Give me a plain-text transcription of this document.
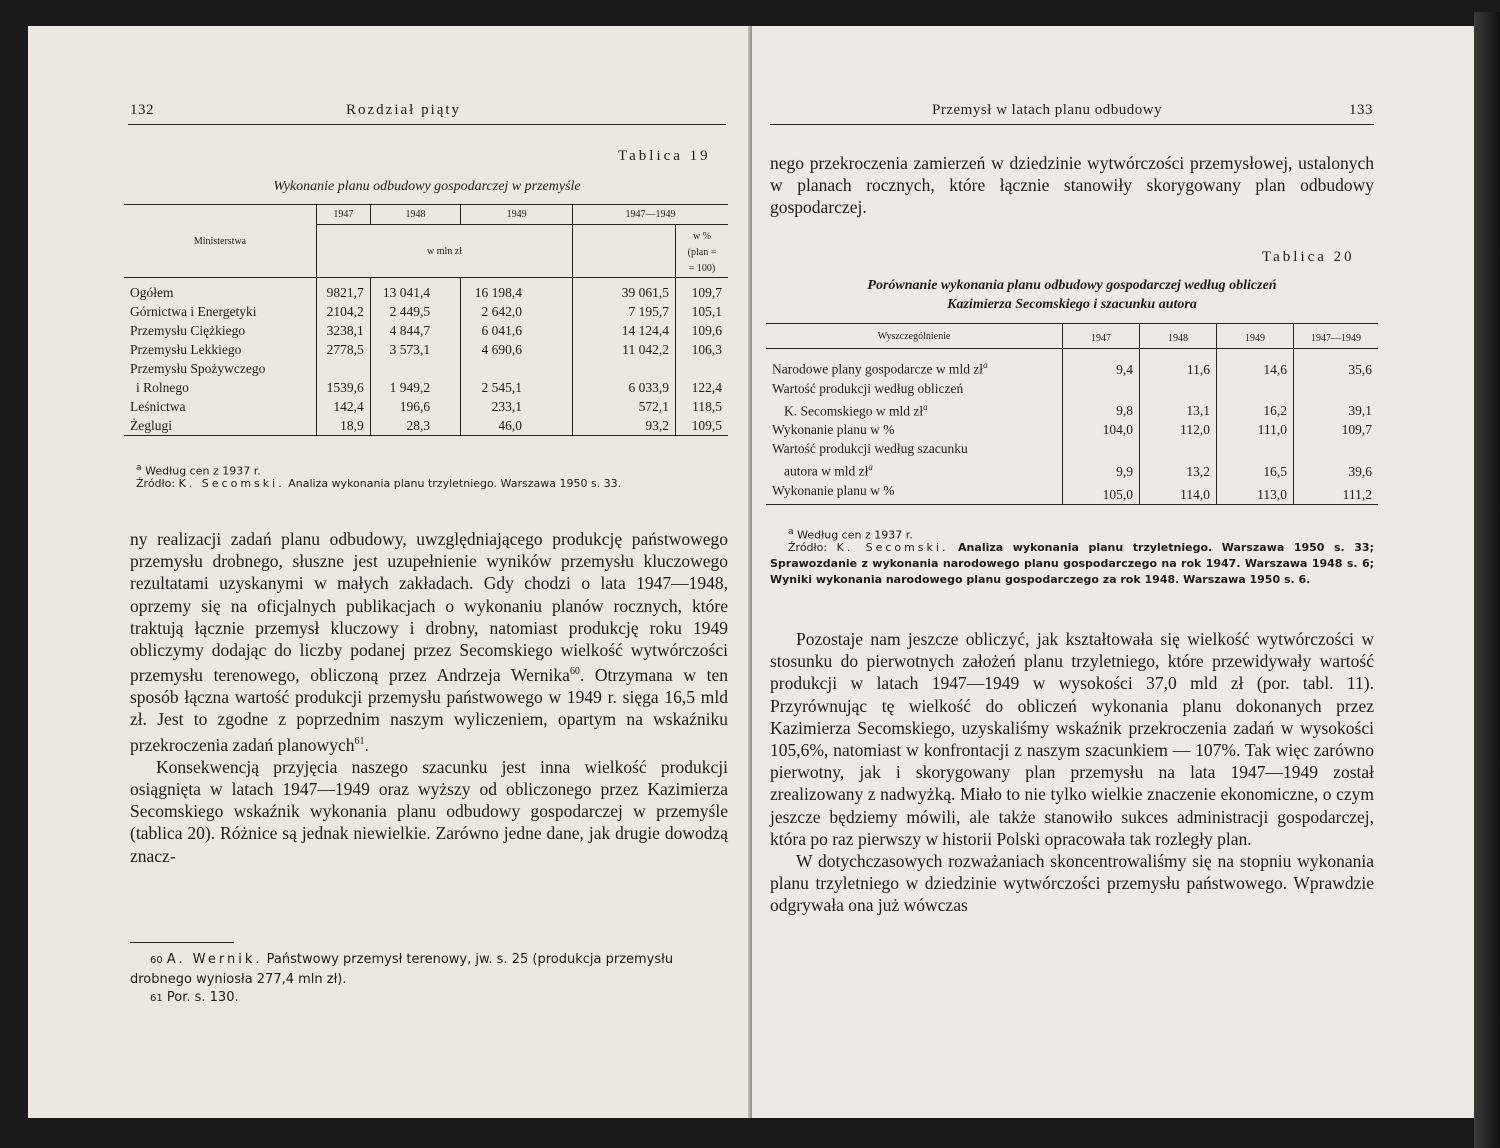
132	Rozdział piąty
Tablica 19
Wykonanie planu odbudowy gospodarczej w przemyśle
Ministerstwa	1947	1948	1949	1947—1949	
	w mln zł				w %
(plan =
= 100)
Ogółem	9821,7	13 041,4	16 198,4	39 061,5	109,7
Górnictwa i Energetyki	2104,2	2 449,5	2 642,0	7 195,7	105,1
Przemysłu Ciężkiego	3238,1	4 844,7	6 041,6	14 124,4	109,6
Przemysłu Lekkiego	2778,5	3 573,1	4 690,6	11 042,2	106,3
Przemysłu Spożywczego					
i Rolnego	1539,6	1 949,2	2 545,1	6 033,9	122,4
Leśnictwa	142,4	196,6	233,1	572,1	118,5
Żeglugi	18,9	28,3	46,0	93,2	109,5
$^a$ Według cen z 1937 r.
Źródło: K. Secomski. Analiza wykonania planu trzyletniego. Warszawa 1950 s. 33.

ny realizacji zadań planu odbudowy, uwzględniającego produkcję państwowego przemysłu drobnego, słuszne jest uzupełnienie wyników przemysłu kluczowego rezultatami uzyskanymi w małych zakładach. Gdy chodzi o lata 1947—1948, oprzemy się na oficjalnych publikacjach o wykonaniu planów rocznych, które traktują łącznie przemysł kluczowy i drobny, natomiast produkcję roku 1949 obliczymy dodając do liczby podanej przez Secomskiego wielkość wytwórczości przemysłu terenowego, obliczoną przez Andrzeja Wernika$^{60}$. Otrzymana w ten sposób łączna wartość produkcji przemysłu państwowego w 1949 r. sięga 16,5 mld zł. Jest to zgodne z poprzednim naszym wyliczeniem, opartym na wskaźniku przekroczenia zadań planowych$^{61}$.

Konsekwencją przyjęcia naszego szacunku jest inna wielkość produkcji osiągnięta w latach 1947—1949 oraz wyższy od obliczonego przez Kazimierza Secomskiego wskaźnik wykonania planu odbudowy gospodarczej w przemyśle (tablica 20). Różnice są jednak niewielkie. Zarówno jedne dane, jak drugie dowodzą znacz-

60 A. Wernik. Państwowy przemysł terenowy, jw. s. 25 (produkcja przemysłu drobnego wyniosła 277,4 mln zł).
61 Por. s. 130.
Przemysł w latach planu odbudowy	133

nego przekroczenia zamierzeń w dziedzinie wytwórczości przemysłowej, ustalonych w planach rocznych, które łącznie stanowiły skorygowany plan odbudowy gospodarczej.

Tablica 20
Porównanie wykonania planu odbudowy gospodarczej według obliczeń
Kazimierza Secomskiego i szacunku autora
Wyszczególnienie	1947	1948	1949	1947—1949
Narodowe plany gospodarcze w mld $zł^a$	9,4	11,6	14,6	35,6
Wartość produkcji według obliczeń				
K. Secomskiego w mld $zł^a$	9,8	13,1	16,2	39,1
Wykonanie planu w %	104,0	112,0	111,0	109,7
Wartość produkcji według szacunku				
autora w mld $zł^a$	9,9	13,2	16,5	39,6
Wykonanie planu w %	105,0	114,0	113,0	111,2
$^a$ Według cen z 1937 r.
Źródło: K. Secomski. Analiza wykonania planu trzyletniego. Warszawa 1950 s. 33; Sprawozdanie z wykonania narodowego planu gospodarczego na rok 1947. Warszawa 1948 s. 6; Wyniki wykonania narodowego planu gospodarczego za rok 1948. Warszawa 1950 s. 6.

Pozostaje nam jeszcze obliczyć, jak kształtowała się wielkość wytwórczości w stosunku do pierwotnych założeń planu trzyletniego, które przewidywały wartość produkcji w latach 1947—1949 w wysokości 37,0 mld zł (por. tabl. 11). Przyrównując tę wielkość do obliczeń wykonania planu dokonanych przez Kazimierza Secomskiego, uzyskaliśmy wskaźnik przekroczenia zadań w wysokości 105,6%, natomiast w konfrontacji z naszym szacunkiem — 107%. Tak więc zarówno pierwotny, jak i skorygowany plan przemysłu na lata 1947—1949 został zrealizowany z nadwyżką. Miało to nie tylko wielkie znaczenie ekonomiczne, o czym jeszcze będziemy mówili, ale także stanowiło sukces administracji gospodarczej, która po raz pierwszy w historii Polski opracowała tak rozległy plan.

W dotychczasowych rozważaniach skoncentrowaliśmy się na stopniu wykonania planu trzyletniego w dziedzinie wytwórczości przemysłu państwowego. Wprawdzie odgrywała ona już wówczas
